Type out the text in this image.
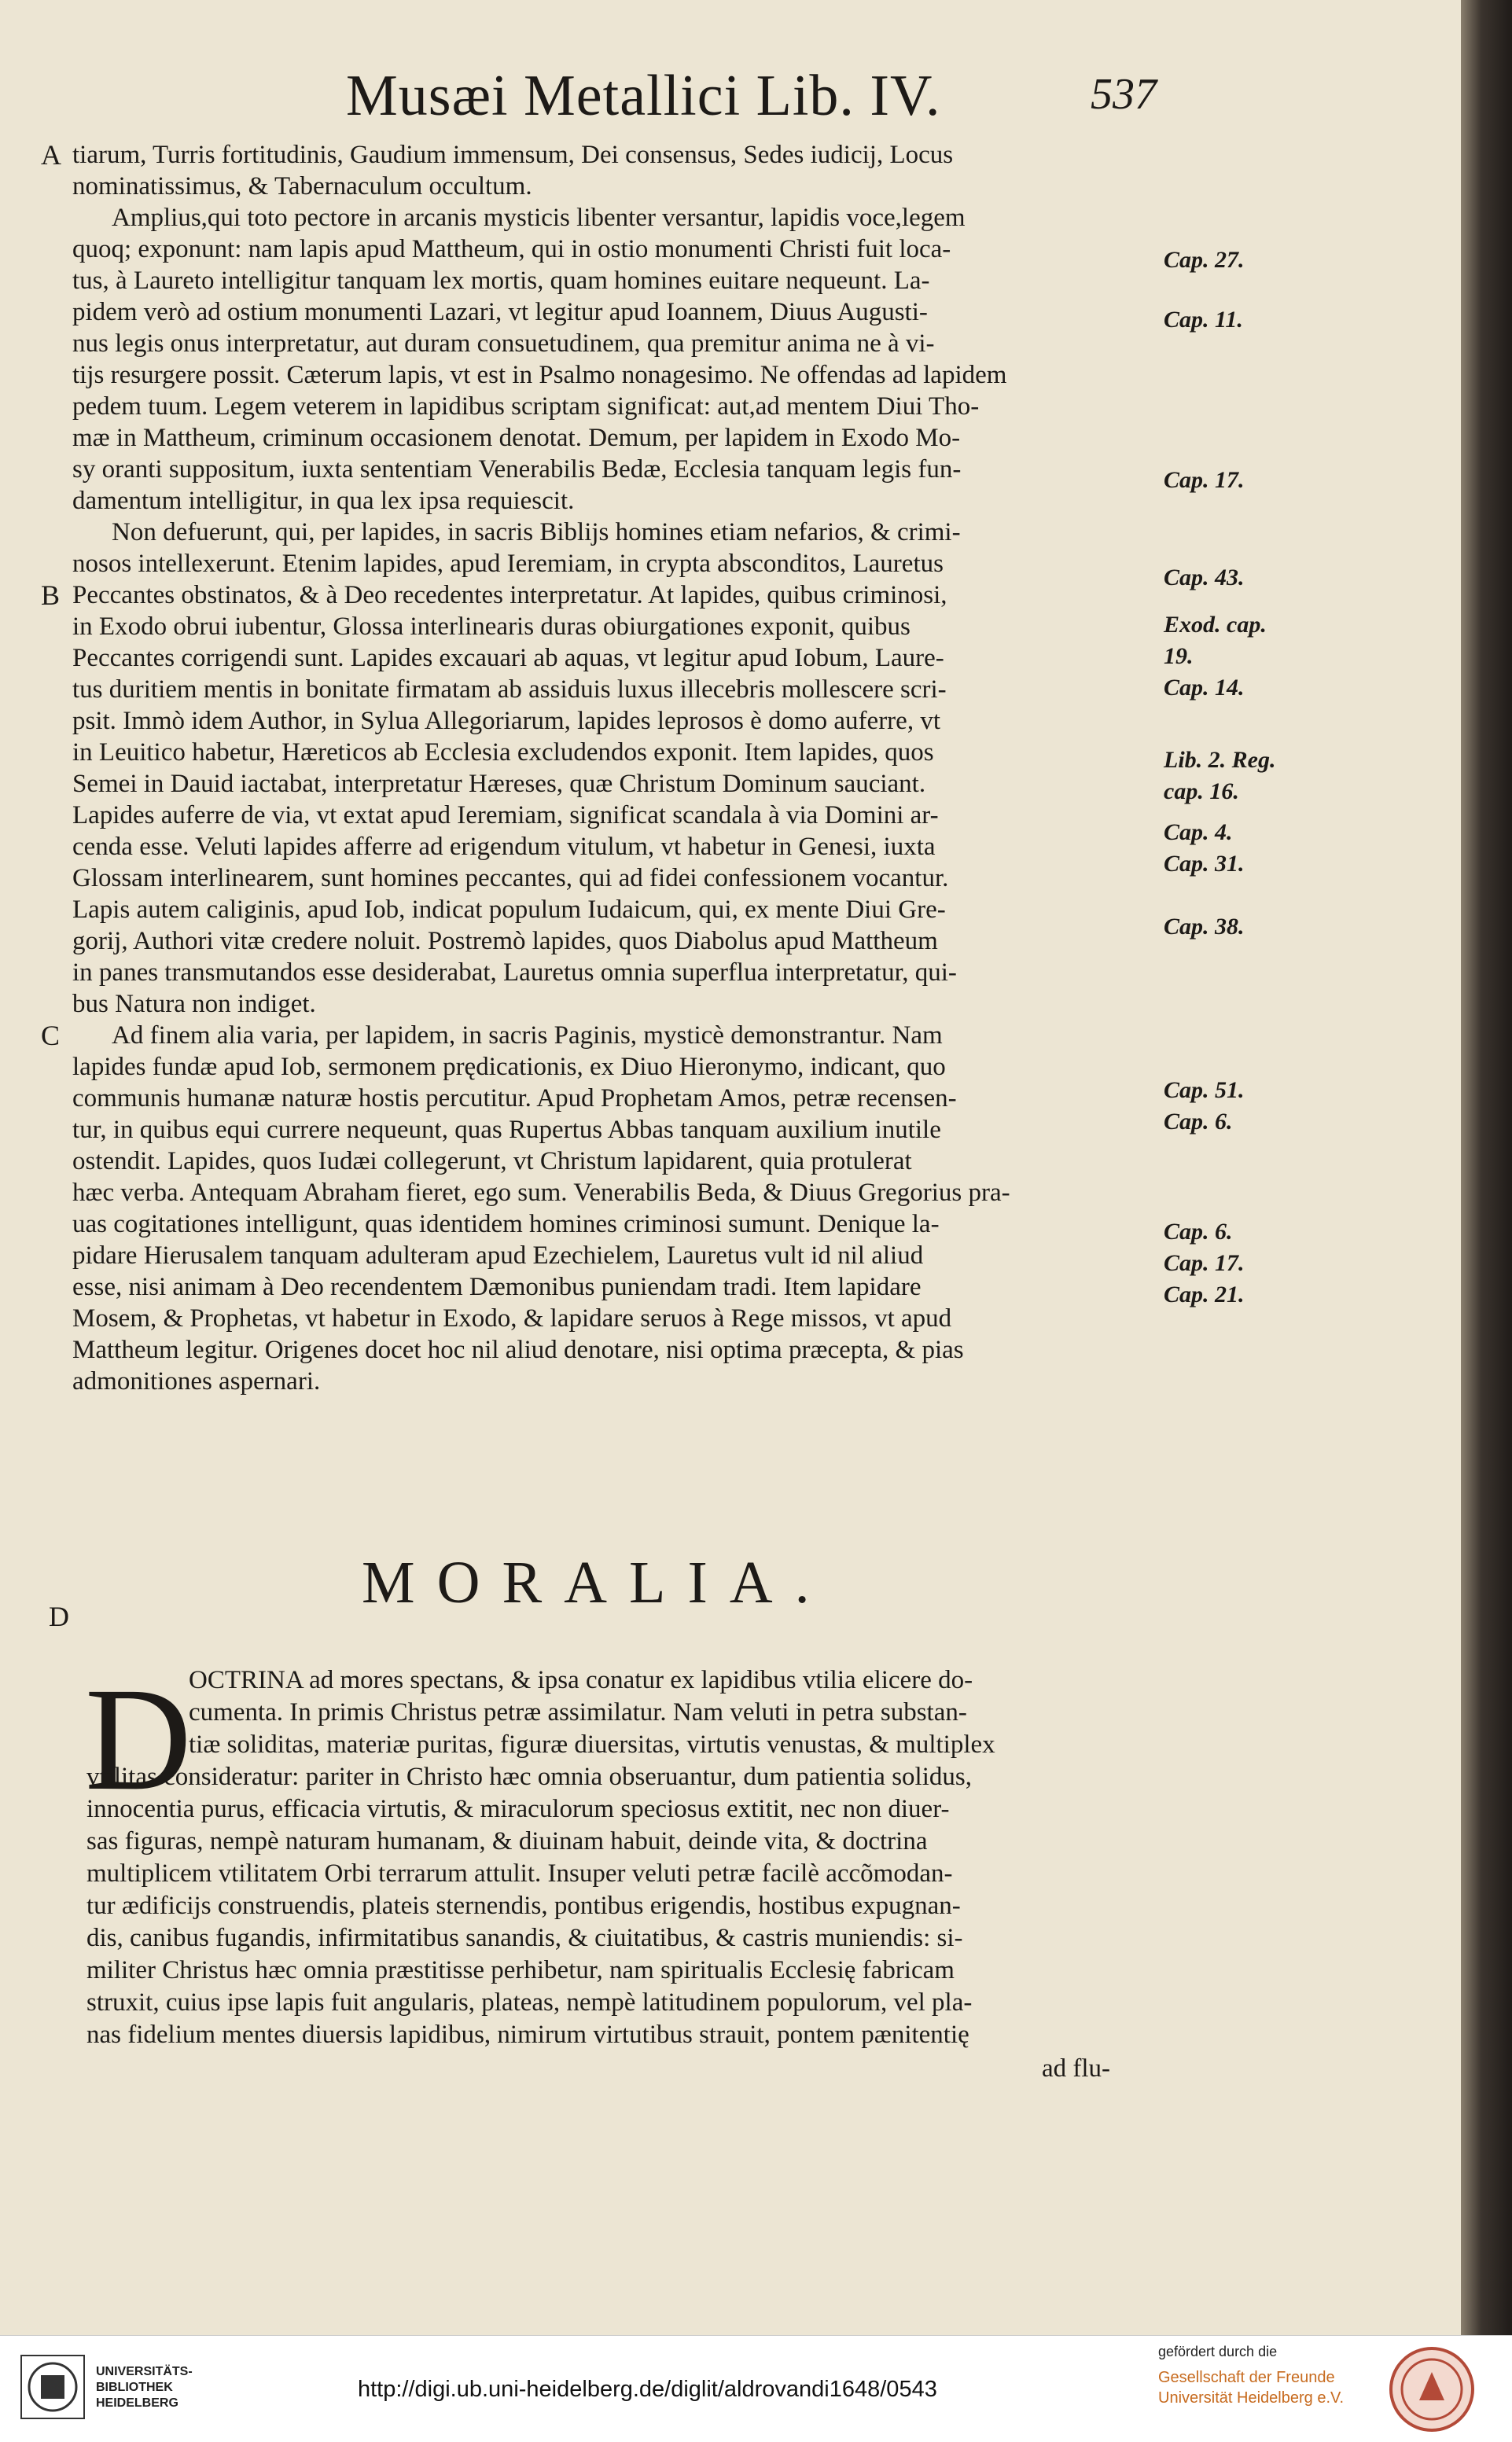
Musæi Metallici Lib. IV.	537
tiarum, Turris fortitudinis, Gaudium immensum, Dei consensus, Sedes iudicij, Locus
nominatissimus, & Tabernaculum occultum.
Amplius,qui toto pectore in arcanis mysticis libenter versantur, lapidis voce,legem
quoq; exponunt: nam lapis apud Mattheum, qui in ostio monumenti Christi fuit loca-
tus, à Laureto intelligitur tanquam lex mortis, quam homines euitare nequeunt. La-
pidem verò ad ostium monumenti Lazari, vt legitur apud Ioannem, Diuus Augusti-
nus legis onus interpretatur, aut duram consuetudinem, qua premitur anima ne à vi-
tijs resurgere possit. Cæterum lapis, vt est in Psalmo nonagesimo. Ne offendas ad lapidem
pedem tuum. Legem veterem in lapidibus scriptam significat: aut,ad mentem Diui Tho-
mæ in Mattheum, criminum occasionem denotat. Demum, per lapidem in Exodo Mo-
sy oranti suppositum, iuxta sententiam Venerabilis Bedæ, Ecclesia tanquam legis fun-
damentum intelligitur, in qua lex ipsa requiescit.
Non defuerunt, qui, per lapides, in sacris Biblijs homines etiam nefarios, & crimi-
nosos intellexerunt. Etenim lapides, apud Ieremiam, in crypta absconditos, Lauretus
Peccantes obstinatos, & à Deo recedentes interpretatur. At lapides, quibus criminosi,
in Exodo obrui iubentur, Glossa interlinearis duras obiurgationes exponit, quibus
Peccantes corrigendi sunt. Lapides excauari ab aquas, vt legitur apud Iobum, Laure-
tus duritiem mentis in bonitate firmatam ab assiduis luxus illecebris mollescere scri-
psit. Immò idem Author, in Sylua Allegoriarum, lapides leprosos è domo auferre, vt
in Leuitico habetur, Hæreticos ab Ecclesia excludendos exponit. Item lapides, quos
Semei in Dauid iactabat, interpretatur Hæreses, quæ Christum Dominum sauciant.
Lapides auferre de via, vt extat apud Ieremiam, significat scandala à via Domini ar-
cenda esse. Veluti lapides afferre ad erigendum vitulum, vt habetur in Genesi, iuxta
Glossam interlinearem, sunt homines peccantes, qui ad fidei confessionem vocantur.
Lapis autem caliginis, apud Iob, indicat populum Iudaicum, qui, ex mente Diui Gre-
gorij, Authori vitæ credere noluit. Postremò lapides, quos Diabolus apud Mattheum
in panes transmutandos esse desiderabat, Lauretus omnia superflua interpretatur, qui-
bus Natura non indiget.
Ad finem alia varia, per lapidem, in sacris Paginis, mysticè demonstrantur. Nam
lapides fundæ apud Iob, sermonem prędicationis, ex Diuo Hieronymo, indicant, quo
communis humanæ naturæ hostis percutitur. Apud Prophetam Amos, petræ recensen-
tur, in quibus equi currere nequeunt, quas Rupertus Abbas tanquam auxilium inutile
ostendit. Lapides, quos Iudæi collegerunt, vt Christum lapidarent, quia protulerat
hæc verba. Antequam Abraham fieret, ego sum. Venerabilis Beda, & Diuus Gregorius pra-
uas cogitationes intelligunt, quas identidem homines criminosi sumunt. Denique la-
pidare Hierusalem tanquam adulteram apud Ezechielem, Lauretus vult id nil aliud
esse, nisi animam à Deo recendentem Dæmonibus puniendam tradi. Item lapidare
Mosem, & Prophetas, vt habetur in Exodo, & lapidare seruos à Rege missos, vt apud
Mattheum legitur. Origenes docet hoc nil aliud denotare, nisi optima præcepta, & pias
admonitiones aspernari.
A
B
C
D
Cap. 27.
Cap. 11.
Cap. 17.
Cap. 43.
Exod. cap.
19.
Cap. 14.
Lib. 2. Reg.
cap. 16.
Cap. 4.
Cap. 31.
Cap. 38.
Cap. 51.
Cap. 6.
Cap. 6.
Cap. 17.
Cap. 21.
MORALIA.
D
OCTRINA ad mores spectans, & ipsa conatur ex lapidibus vtilia elicere do-
cumenta. In primis Christus petræ assimilatur. Nam veluti in petra substan-
tiæ soliditas, materiæ puritas, figuræ diuersitas, virtutis venustas, & multiplex
vtilitas consideratur: pariter in Christo hæc omnia obseruantur, dum patientia solidus,
innocentia purus, efficacia virtutis, & miraculorum speciosus extitit, nec non diuer-
sas figuras, nempè naturam humanam, & diuinam habuit, deinde vita, & doctrina
multiplicem vtilitatem Orbi terrarum attulit. Insuper veluti petræ facilè accõmodan-
tur ædificijs construendis, plateis sternendis, pontibus erigendis, hostibus expugnan-
dis, canibus fugandis, infirmitatibus sanandis, & ciuitatibus, & castris muniendis: si-
militer Christus hæc omnia præstitisse perhibetur, nam spiritualis Ecclesię fabricam
struxit, cuius ipse lapis fuit angularis, plateas, nempè latitudinem populorum, vel pla-
nas fidelium mentes diuersis lapidibus, nimirum virtutibus strauit, pontem pænitentię
ad flu-
UNIVERSITÄTS-
BIBLIOTHEK
HEIDELBERG
http://digi.ub.uni-heidelberg.de/diglit/aldrovandi1648/0543
gefördert durch die
Gesellschaft der Freunde
Universität Heidelberg e.V.
